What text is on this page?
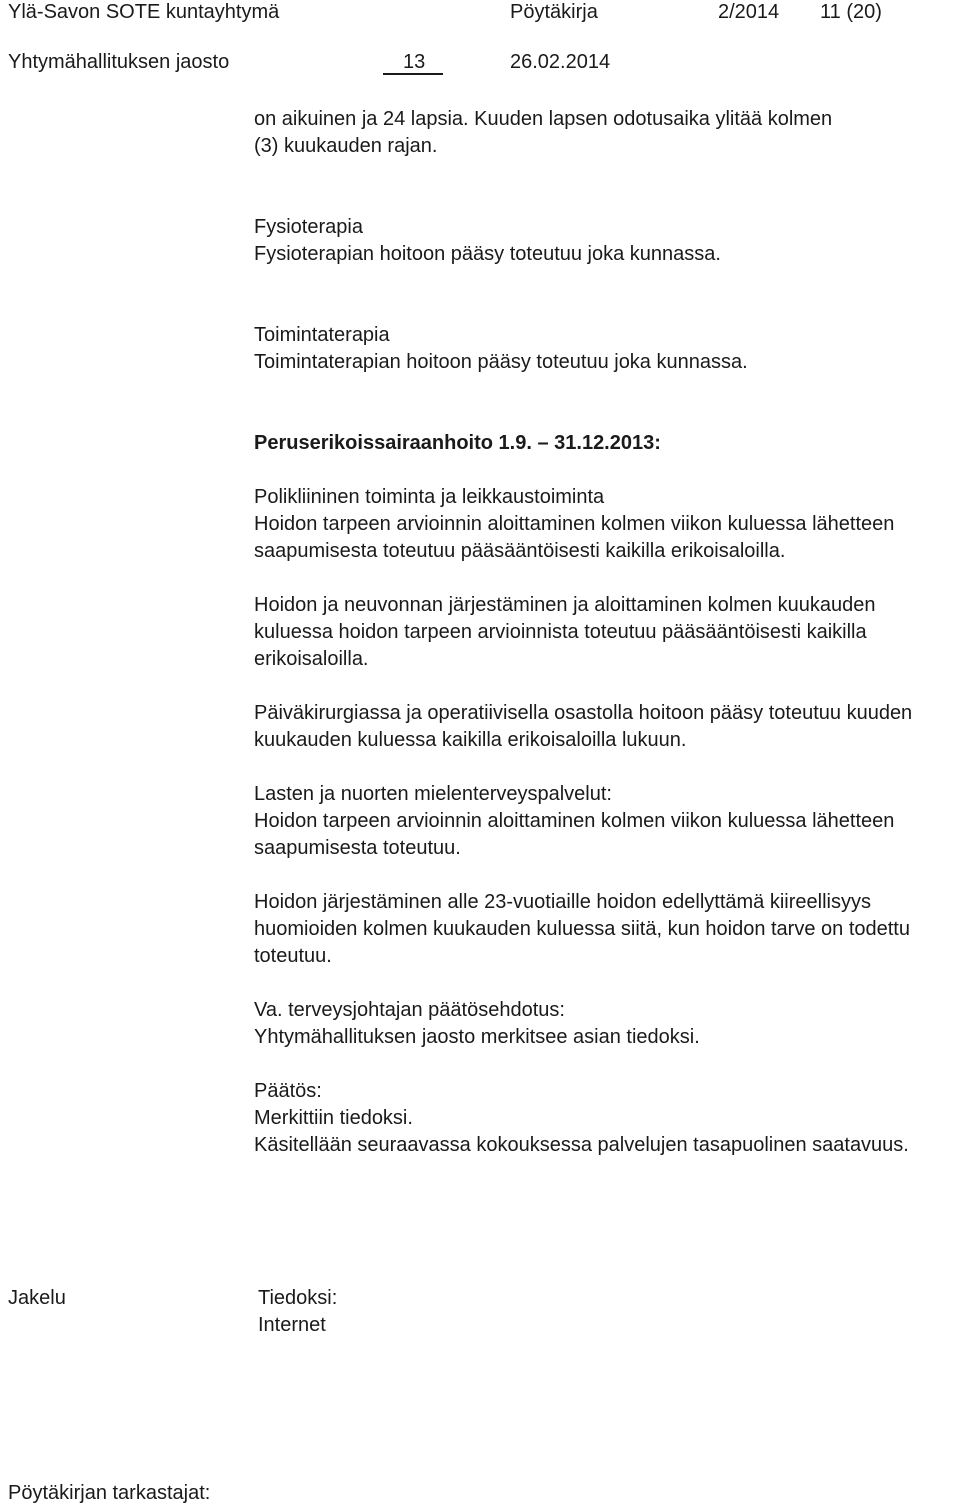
Ylä-Savon SOTE kuntayhtymä	Pöytäkirja	2/2014 11 (20)
Yhtymähallituksen jaosto	13	26.02.2014

on aikuinen ja 24 lapsia. Kuuden lapsen odotusaika ylitää kolmen

(3) kuukauden rajan.

Fysioterapia

Fysioterapian hoitoon pääsy toteutuu joka kunnassa.

Toimintaterapia

Toimintaterapian hoitoon pääsy toteutuu joka kunnassa.

Peruserikoissairaanhoito 1.9. – 31.12.2013:

Polikliininen toiminta ja leikkaustoiminta

Hoidon tarpeen arvioinnin aloittaminen kolmen viikon kuluessa lähetteen saapumisesta toteutuu pääsääntöisesti kaikilla erikoisaloilla.

Hoidon ja neuvonnan järjestäminen ja aloittaminen kolmen kuukauden kuluessa hoidon tarpeen arvioinnista toteutuu pääsääntöisesti kaikilla erikoisaloilla.

Päiväkirurgiassa ja operatiivisella osastolla hoitoon pääsy toteutuu kuuden kuukauden kuluessa kaikilla erikoisaloilla lukuun.

Lasten ja nuorten mielenterveyspalvelut:

Hoidon tarpeen arvioinnin aloittaminen kolmen viikon kuluessa lähetteen saapumisesta toteutuu.

Hoidon järjestäminen alle 23-vuotiaille hoidon edellyttämä kiireellisyys huomioiden kolmen kuukauden kuluessa siitä, kun hoidon tarve on todettu toteutuu.

Va. terveysjohtajan päätösehdotus:

Yhtymähallituksen jaosto merkitsee asian tiedoksi.

Päätös:

Merkittiin tiedoksi.

Käsitellään seuraavassa kokouksessa palvelujen tasapuolinen saatavuus.

Jakelu	Tiedoksi:
Internet
Pöytäkirjan tarkastajat:
